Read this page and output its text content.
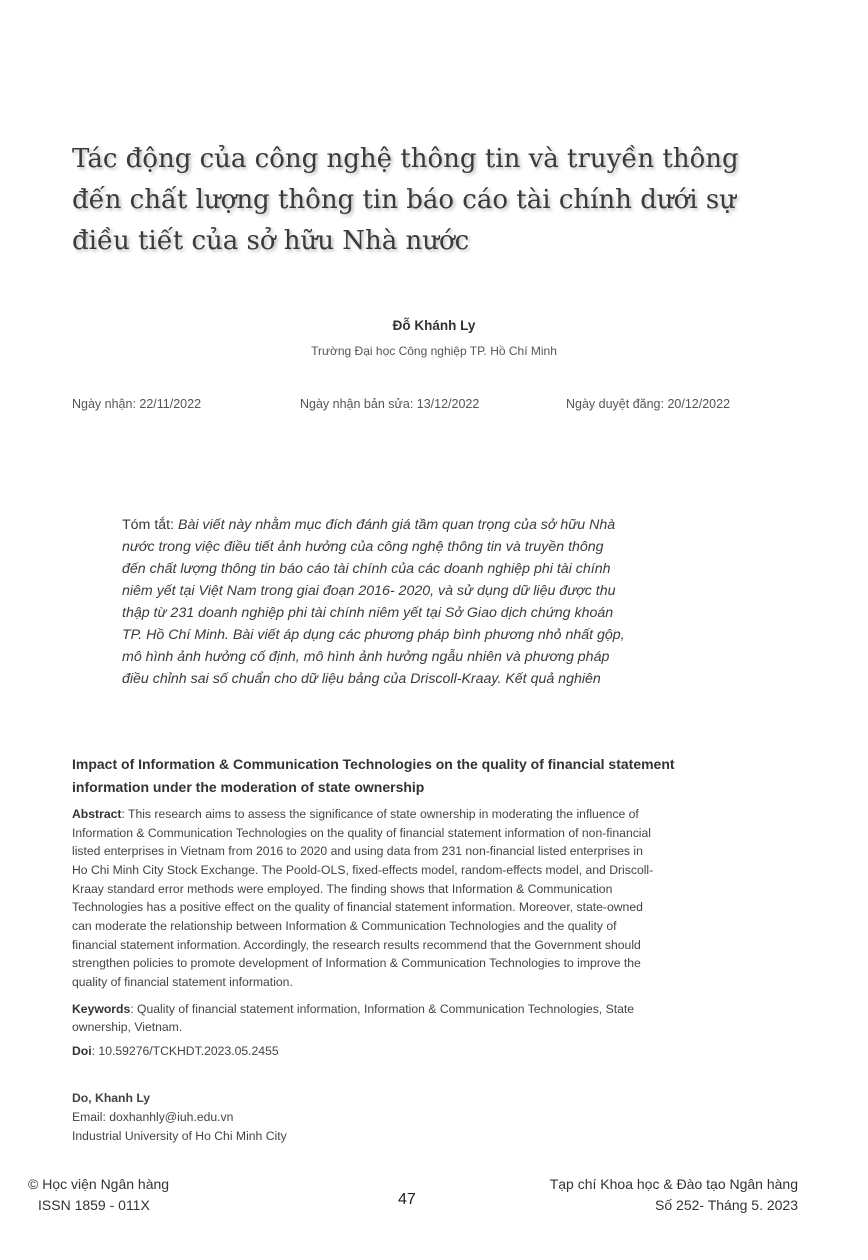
Tác động của công nghệ thông tin và truyền thông
đến chất lượng thông tin báo cáo tài chính dưới sự
điều tiết của sở hữu Nhà nước
Đỗ Khánh Ly
Trường Đại học Công nghiệp TP. Hồ Chí Minh
Ngày nhận: 22/11/2022	Ngày nhận bản sửa: 13/12/2022	Ngày duyệt đăng: 20/12/2022
Tóm tắt: Bài viết này nhằm mục đích đánh giá tầm quan trọng của sở hữu Nhà
nước trong việc điều tiết ảnh hưởng của công nghệ thông tin và truyền thông
đến chất lượng thông tin báo cáo tài chính của các doanh nghiệp phi tài chính
niêm yết tại Việt Nam trong giai đoạn 2016- 2020, và sử dụng dữ liệu được thu
thập từ 231 doanh nghiệp phi tài chính niêm yết tại Sở Giao dịch chứng khoán
TP. Hồ Chí Minh. Bài viết áp dụng các phương pháp bình phương nhỏ nhất gộp,
mô hình ảnh hưởng cố định, mô hình ảnh hưởng ngẫu nhiên và phương pháp
điều chỉnh sai số chuẩn cho dữ liệu bảng của Driscoll-Kraay. Kết quả nghiên
Impact of Information & Communication Technologies on the quality of financial statement
information under the moderation of state ownership
Abstract: This research aims to assess the significance of state ownership in moderating the influence of
Information & Communication Technologies on the quality of financial statement information of non-financial
listed enterprises in Vietnam from 2016 to 2020 and using data from 231 non-financial listed enterprises in
Ho Chi Minh City Stock Exchange. The Poold-OLS, fixed-effects model, random-effects model, and Driscoll-
Kraay standard error methods were employed. The finding shows that Information & Communication
Technologies has a positive effect on the quality of financial statement information. Moreover, state-owned
can moderate the relationship between Information & Communication Technologies and the quality of
financial statement information. Accordingly, the research results recommend that the Government should
strengthen policies to promote development of Information & Communication Technologies to improve the
quality of financial statement information.
Keywords: Quality of financial statement information, Information & Communication Technologies, State
ownership, Vietnam.
Doi: 10.59276/TCKHDT.2023.05.2455
Do, Khanh Ly
Email: doxhanhly@iuh.edu.vn
Industrial University of Ho Chi Minh City
© Học viện Ngân hàng
ISSN 1859 - 011X	47
Tạp chí Khoa học & Đào tạo Ngân hàng
Số 252- Tháng 5. 2023
